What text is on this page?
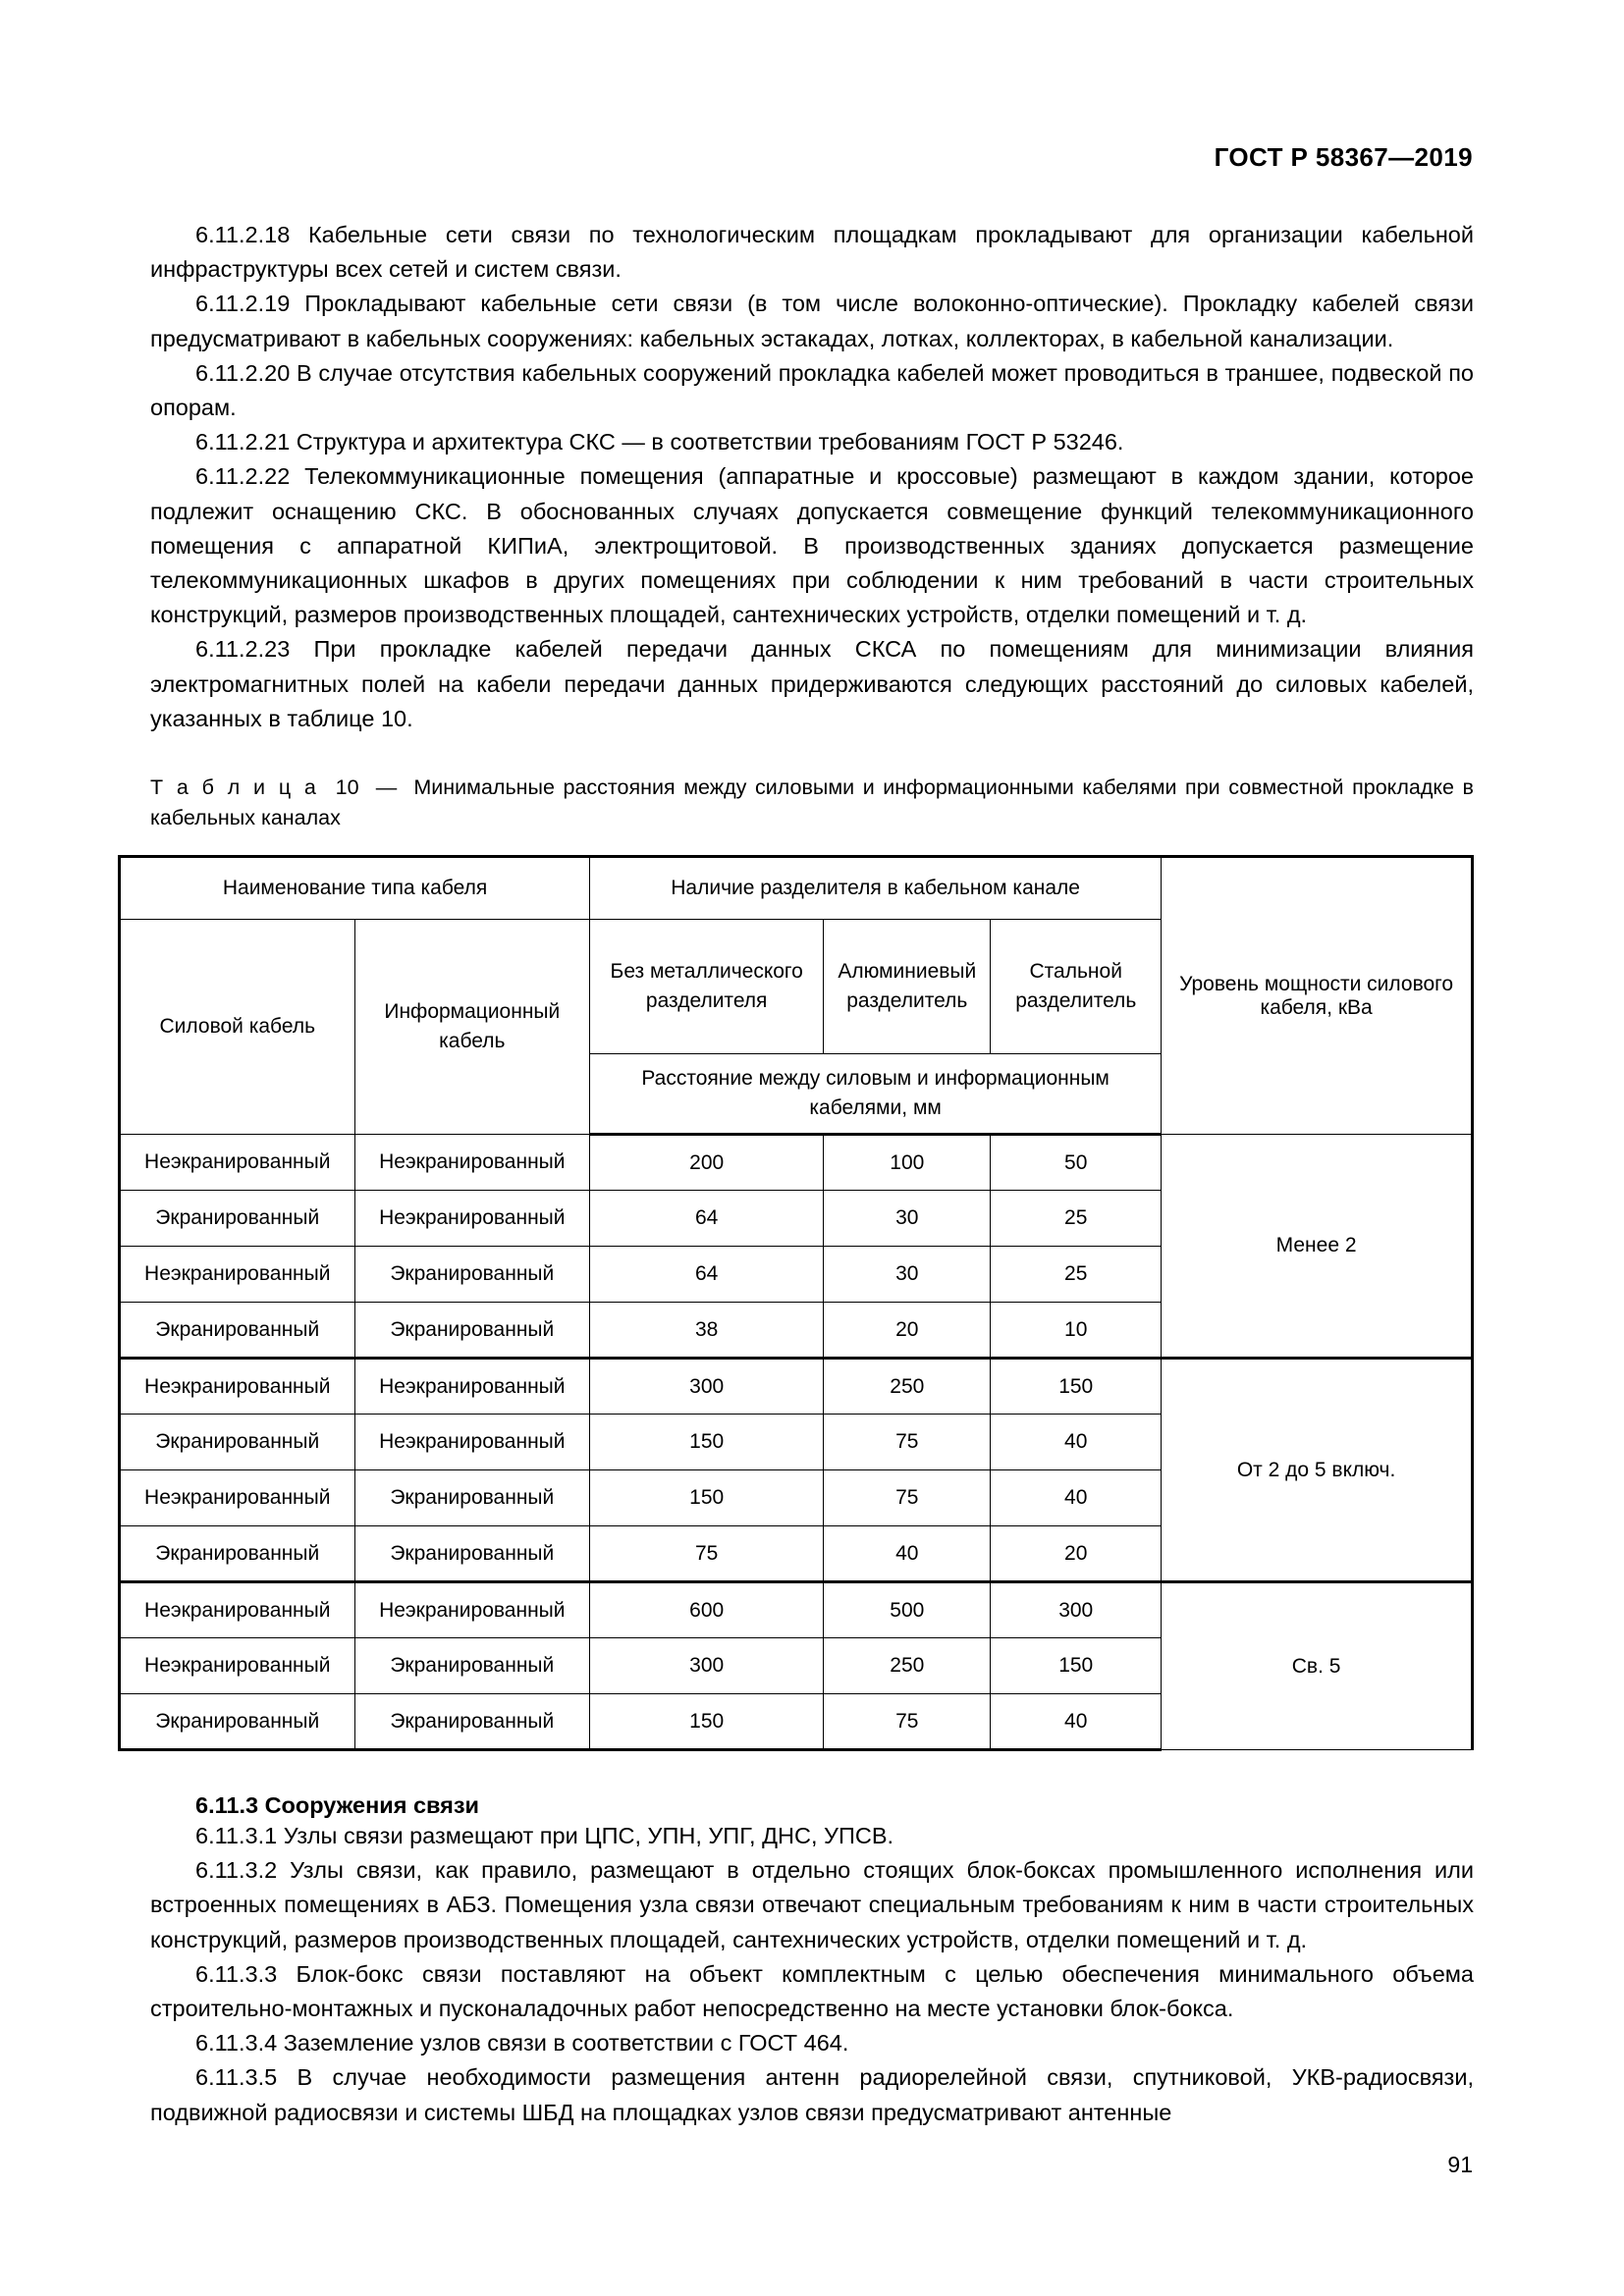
ГОСТ Р 58367—2019

6.11.2.18 Кабельные сети связи по технологическим площадкам прокладывают для организации кабельной инфраструктуры всех сетей и систем связи.

6.11.2.19 Прокладывают кабельные сети связи (в том числе волоконно-оптические). Прокладку кабелей связи предусматривают в кабельных сооружениях: кабельных эстакадах, лотках, коллекторах, в кабельной канализации.

6.11.2.20 В случае отсутствия кабельных сооружений прокладка кабелей может проводиться в траншее, подвеской по опорам.

6.11.2.21 Структура и архитектура СКС — в соответствии требованиям ГОСТ Р 53246.

6.11.2.22 Телекоммуникационные помещения (аппаратные и кроссовые) размещают в каждом здании, которое подлежит оснащению СКС. В обоснованных случаях допускается совмещение функций телекоммуникационного помещения с аппаратной КИПиА, электрощитовой. В производственных зданиях допускается размещение телекоммуникационных шкафов в других помещениях при соблюдении к ним требований в части строительных конструкций, размеров производственных площадей, сантехнических устройств, отделки помещений и т. д.

6.11.2.23 При прокладке кабелей передачи данных СКСА по помещениям для минимизации влияния электромагнитных полей на кабели передачи данных придерживаются следующих расстояний до силовых кабелей, указанных в таблице 10.

Т а б л и ц а 10 — Минимальные расстояния между силовыми и информационными кабелями при совместной прокладке в кабельных каналах
Наименование типа кабеля		Наличие разделителя в кабельном канале			Уровень мощности силового кабеля, кВа
Силовой кабель	Информационный кабель	Без металлического разделителя	Алюминиевый разделитель	Стальной разделитель	
		Расстояние между силовым и информационным кабелями, мм			
Неэкранированный	Неэкранированный	200	100	50	Менее 2
Экранированный	Неэкранированный	64	30	25	
Неэкранированный	Экранированный	64	30	25	
Экранированный	Экранированный	38	20	10	
Неэкранированный	Неэкранированный	300	250	150	От 2 до 5 включ.
Экранированный	Неэкранированный	150	75	40	
Неэкранированный	Экранированный	150	75	40	
Экранированный	Экранированный	75	40	20	
Неэкранированный	Неэкранированный	600	500	300	Св. 5
Неэкранированный	Экранированный	300	250	150	
Экранированный	Экранированный	150	75	40	
6.11.3 Сооружения связи

6.11.3.1 Узлы связи размещают при ЦПС, УПН, УПГ, ДНС, УПСВ.

6.11.3.2 Узлы связи, как правило, размещают в отдельно стоящих блок-боксах промышленного исполнения или встроенных помещениях в АБЗ. Помещения узла связи отвечают специальным требованиям к ним в части строительных конструкций, размеров производственных площадей, сантехнических устройств, отделки помещений и т. д.

6.11.3.3 Блок-бокс связи поставляют на объект комплектным с целью обеспечения минимального объема строительно-монтажных и пусконаладочных работ непосредственно на месте установки блок-бокса.

6.11.3.4 Заземление узлов связи в соответствии с ГОСТ 464.

6.11.3.5 В случае необходимости размещения антенн радиорелейной связи, спутниковой, УКВ-радиосвязи, подвижной радиосвязи и системы ШБД на площадках узлов связи предусматривают антенные

91
